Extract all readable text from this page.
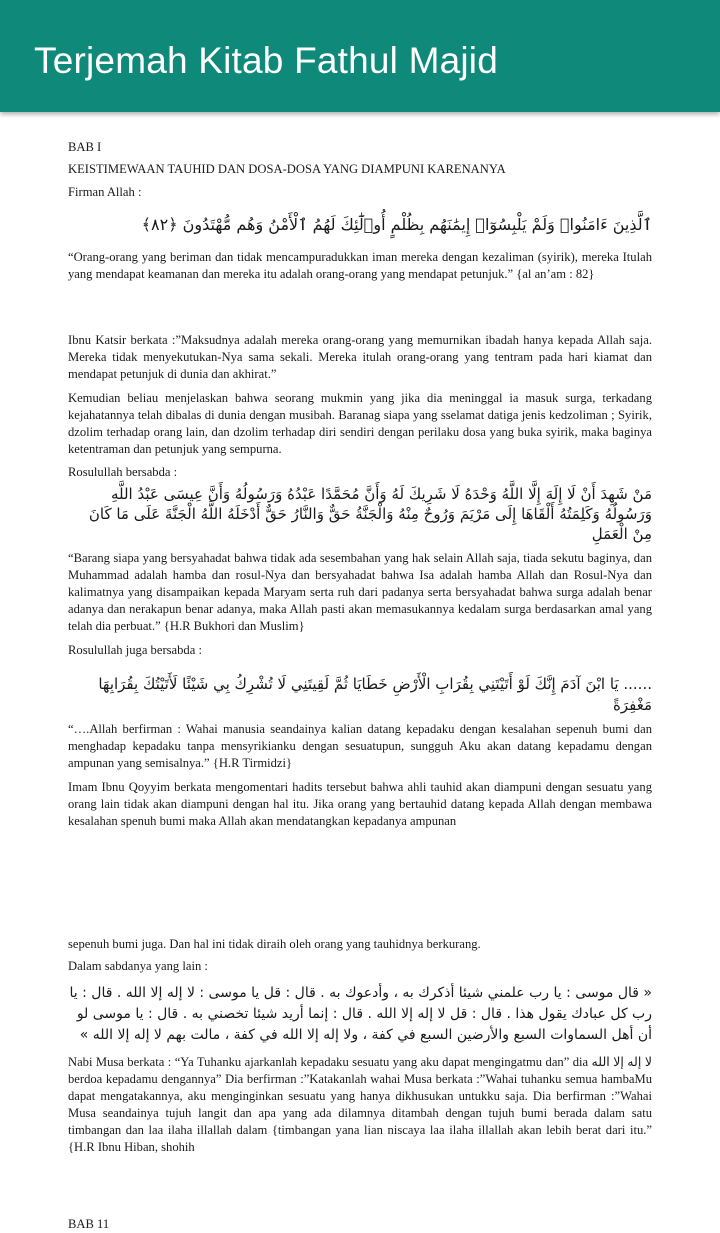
Terjemah Kitab Fathul Majid

BAB I

KEISTIMEWAAN TAUHID DAN DOSA-DOSA YANG DIAMPUNI KARENANYA

Firman Allah :

ٱلَّذِينَ ءَامَنُوا۟ وَلَمْ يَلْبِسُوٓا۟ إِيمَٰنَهُم بِظُلْمٍ أُو۟لَٰٓئِكَ لَهُمُ ٱلْأَمْنُ وَهُم مُّهْتَدُونَ ﴿٨٢﴾

“Orang-orang yang beriman dan tidak mencampuradukkan iman mereka dengan kezaliman (syirik), mereka Itulah yang mendapat keamanan dan mereka itu adalah orang-orang yang mendapat petunjuk.” {al an’am : 82}

Ibnu Katsir berkata :”Maksudnya adalah mereka orang-orang yang memurnikan ibadah hanya kepada Allah saja. Mereka tidak menyekutukan-Nya sama sekali. Mereka itulah orang-orang yang tentram pada hari kiamat dan mendapat petunjuk di dunia dan akhirat.”

Kemudian beliau menjelaskan bahwa seorang mukmin yang jika dia meninggal ia masuk surga, terkadang kejahatannya telah dibalas di dunia dengan musibah. Baranag siapa yang sselamat datiga jenis kedzoliman ; Syirik, dzolim terhadap orang lain, dan dzolim terhadap diri sendiri dengan perilaku dosa yang buka syirik, maka baginya ketentraman dan petunjuk yang sempurna.

Rosulullah bersabda :

مَنْ شَهِدَ أَنْ لَا إِلَهَ إِلَّا اللَّهُ وَحْدَهُ لَا شَرِيكَ لَهُ وَأَنَّ مُحَمَّدًا عَبْدُهُ وَرَسُولُهُ وَأَنَّ عِيسَى عَبْدُ اللَّهِ وَرَسُولُهُ وَكَلِمَتُهُ أَلْقَاهَا إِلَى مَرْيَمَ وَرُوحٌ مِنْهُ وَالْجَنَّةُ حَقٌّ وَالنَّارُ حَقٌّ أَدْخَلَهُ اللَّهُ الْجَنَّةَ عَلَى مَا كَانَ مِنْ الْعَمَلِ

“Barang siapa yang bersyahadat bahwa tidak ada sesembahan yang hak selain Allah saja, tiada sekutu baginya, dan Muhammad adalah hamba dan rosul-Nya dan bersyahadat bahwa Isa adalah hamba Allah dan Rosul-Nya dan kalimatnya yang disampaikan kepada Maryam serta ruh dari padanya serta bersyahadat bahwa surga adalah benar adanya dan nerakapun benar adanya, maka Allah pasti akan memasukannya kedalam surga berdasarkan amal yang telah dia perbuat.” {H.R Bukhori dan Muslim}

Rosulullah juga bersabda :

...... يَا ابْنَ آدَمَ إِنَّكَ لَوْ أَتَيْتَنِي بِقُرَابِ الْأَرْضِ خَطَايَا ثُمَّ لَقِيتَنِي لَا تُشْرِكُ بِي شَيْئًا لَأَتَيْتُكَ بِقُرَابِهَا مَغْفِرَةً

“….Allah berfirman : Wahai manusia seandainya kalian datang kepadaku dengan kesalahan sepenuh bumi dan menghadap kepadaku tanpa mensyrikianku dengan sesuatupun, sungguh Aku akan datang kepadamu dengan ampunan yang semisalnya.” {H.R Tirmidzi}

Imam Ibnu Qoyyim berkata mengomentari hadits tersebut bahwa ahli tauhid akan diampuni dengan sesuatu yang orang lain tidak akan diampuni dengan hal itu. Jika orang yang bertauhid datang kepada Allah dengan membawa kesalahan spenuh bumi maka Allah akan mendatangkan kepadanya ampunan

sepenuh bumi juga. Dan hal ini tidak diraih oleh orang yang tauhidnya berkurang.

Dalam sabdanya yang lain :

« قال موسى : يا رب علمني شيئا أذكرك به ، وأدعوك به . قال : قل يا موسى : لا إله إلا الله . قال : يا رب كل عبادك يقول هذا . قال : قل لا إله إلا الله . قال : إنما أريد شيئا تخصني به . قال : يا موسى لو أن أهل السماوات السبع والأرضين السبع في كفة ، ولا إله إلا الله في كفة ، مالت بهم لا إله إلا الله »

Nabi Musa berkata : “Ya Tuhanku ajarkanlah kepadaku sesuatu yang aku dapat mengingatmu dan” dia لا إله إلا الله berdoa kepadamu dengannya” Dia berfirman :”Katakanlah wahai Musa berkata :”Wahai tuhanku semua hambaMu dapat mengatakannya, aku menginginkan sesuatu yang hanya dikhusukan untukku saja. Dia berfirman :”Wahai Musa seandainya tujuh langit dan apa yang ada dilamnya ditambah dengan tujuh bumi berada dalam satu timbangan dan laa ilaha illallah dalam {timbangan yana lian niscaya laa ilaha illallah akan lebih berat dari itu.” {H.R Ibnu Hiban, shohih

BAB 11
